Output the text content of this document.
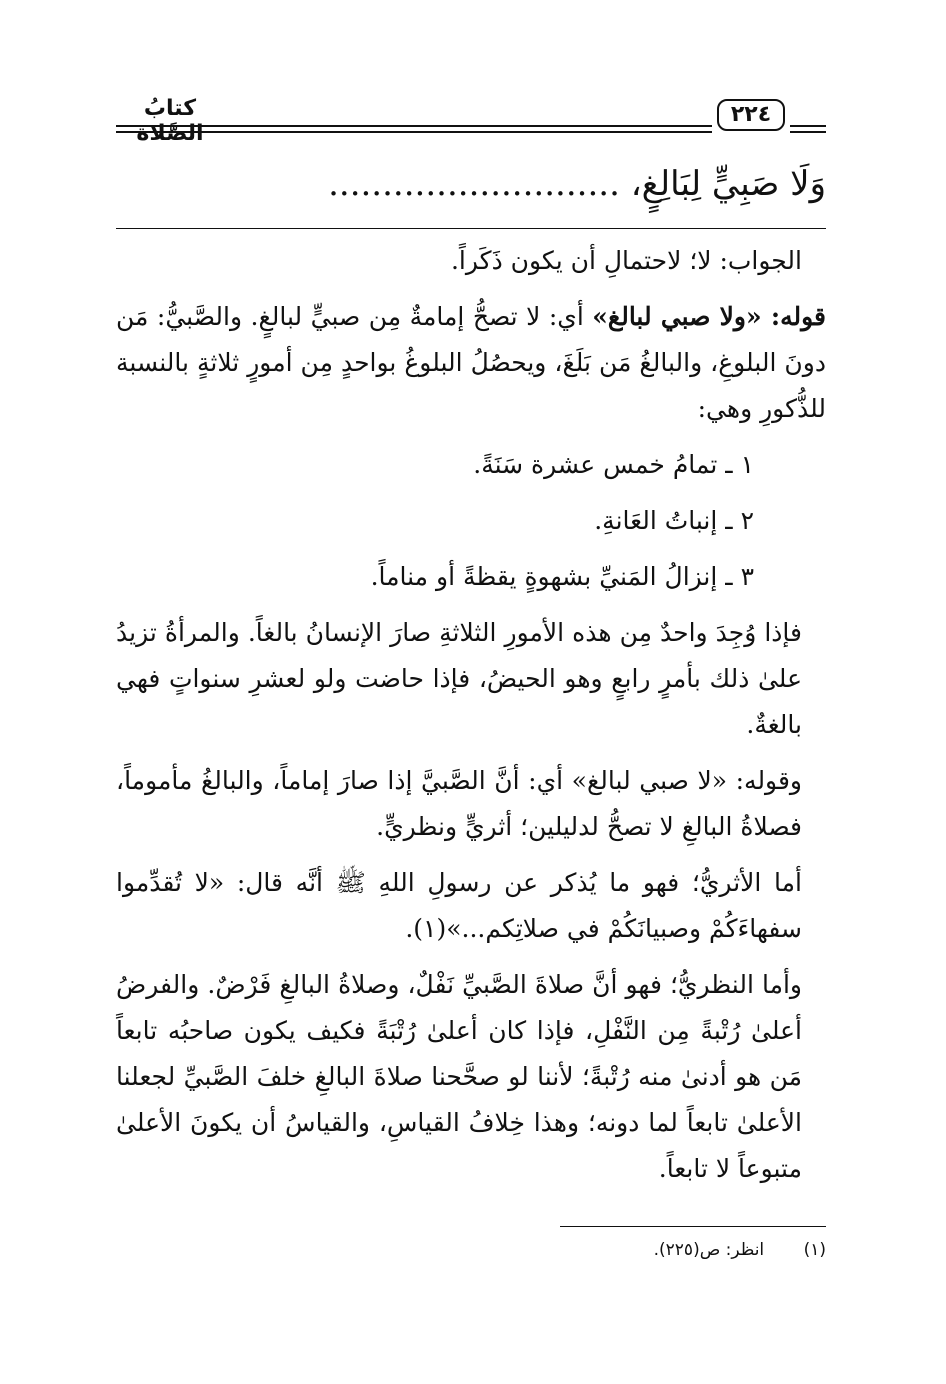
كتابُ الصَّلاة
٢٢٤
وَلَا صَبِيٍّ لِبَالِغٍ، ...........................

الجواب: لا؛ لاحتمالِ أن يكون ذَكَراً.

قوله: «ولا صبي لبالغ» أي: لا تصحُّ إمامةٌ مِن صبيٍّ لبالغٍ. والصَّبيُّ: مَن دونَ البلوغِ، والبالغُ مَن بَلَغَ، ويحصُلُ البلوغُ بواحدٍ مِن أمورٍ ثلاثةٍ بالنسبة للذُّكورِ وهي:

١ ـ تمامُ خمس عشرة سَنَةً.

٢ ـ إنباتُ العَانةِ.

٣ ـ إنزالُ المَنيِّ بشهوةٍ يقظةً أو مناماً.

فإذا وُجِدَ واحدٌ مِن هذه الأمورِ الثلاثةِ صارَ الإنسانُ بالغاً. والمرأةُ تزيدُ علىٰ ذلك بأمرٍ رابعٍ وهو الحيضُ، فإذا حاضت ولو لعشرِ سنواتٍ فهي بالغةٌ.

وقوله: «لا صبي لبالغ» أي: أنَّ الصَّبيَّ إذا صارَ إماماً، والبالغُ مأموماً، فصلاةُ البالغِ لا تصحُّ لدليلين؛ أثريٍّ ونظريٍّ.

أما الأثريُّ؛ فهو ما يُذكر عن رسولِ اللهِ ﷺ أنَّه قال: «لا تُقدِّموا سفهاءَكُمْ وصبيانَكُمْ في صلاتِكم...»(١).

وأما النظريُّ؛ فهو أنَّ صلاةَ الصَّبيِّ نَفْلٌ، وصلاةُ البالغِ فَرْضٌ. والفرضُ أعلىٰ رُتْبةً مِن النَّفْلِ، فإذا كان أعلىٰ رُتْبَةً فكيف يكون صاحبُه تابعاً مَن هو أدنىٰ منه رُتْبةً؛ لأننا لو صحَّحنا صلاةَ البالغِ خلفَ الصَّبيِّ لجعلنا الأعلىٰ تابعاً لما دونه؛ وهذا خِلافُ القياسِ، والقياسُ أن يكونَ الأعلىٰ متبوعاً لا تابعاً.

(١) انظر: ص(٢٢٥).
